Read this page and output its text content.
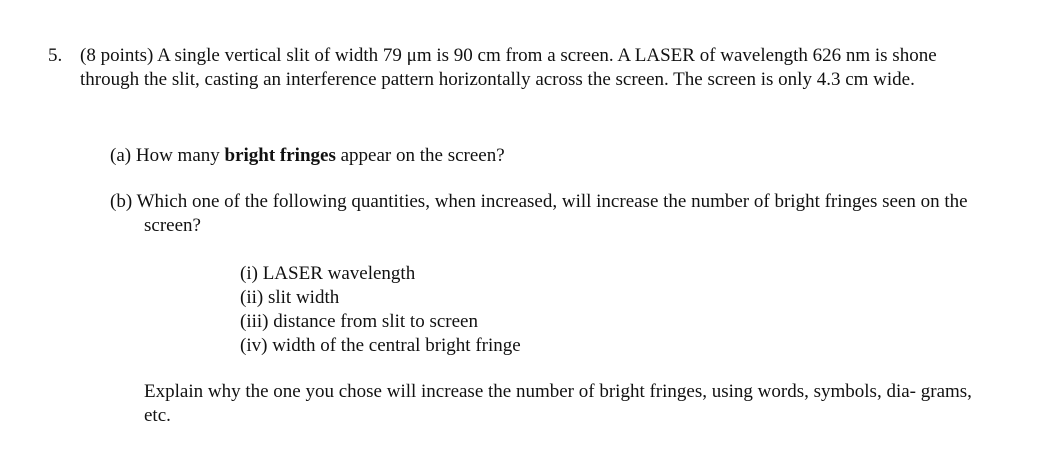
5. (8 points) A single vertical slit of width 79 μm is 90 cm from a screen. A LASER of wavelength 626 nm is shone through the slit, casting an interference pattern horizontally across the screen. The screen is only 4.3 cm wide.
(a) How many bright fringes appear on the screen?
(b) Which one of the following quantities, when increased, will increase the number of bright fringes seen on the screen?
(i) LASER wavelength
(ii) slit width
(iii) distance from slit to screen
(iv) width of the central bright fringe
Explain why the one you chose will increase the number of bright fringes, using words, symbols, dia- grams, etc.
